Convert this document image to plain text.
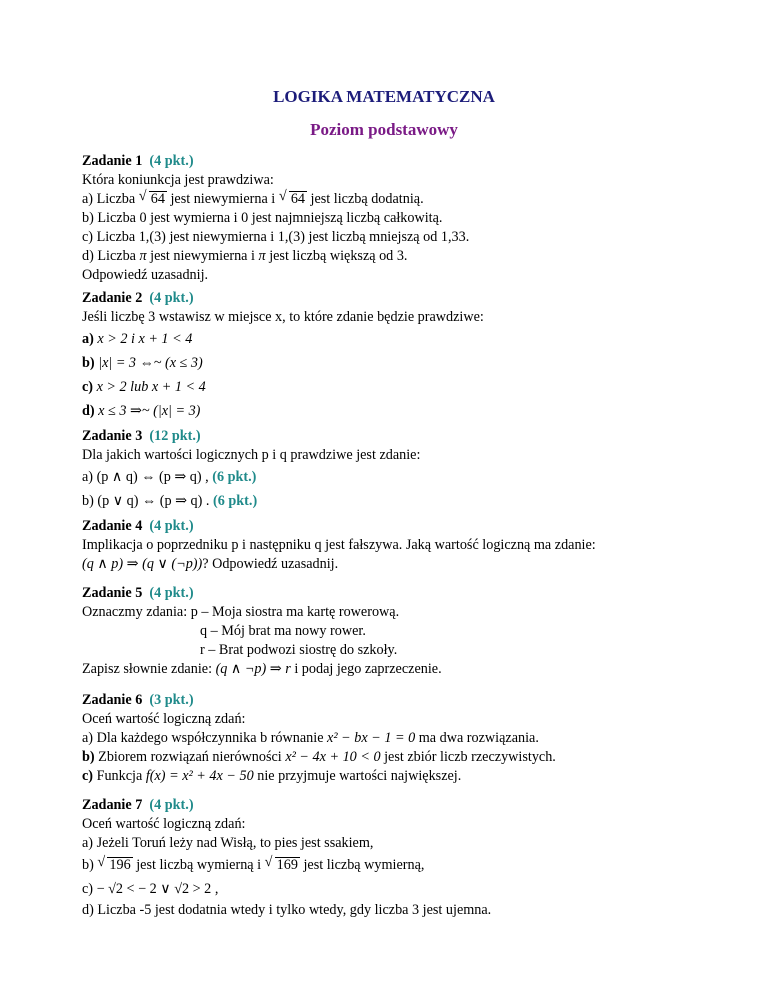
LOGIKA MATEMATYCZNA
Poziom podstawowy
Zadanie 1 (4 pkt.)
Która koniunkcja jest prawdziwa:
a) Liczba √ 64 jest niewymierna i √ 64 jest liczbą dodatnią.
b) Liczba 0 jest wymierna i 0 jest najmniejszą liczbą całkowitą.
c) Liczba 1,(3) jest niewymierna i 1,(3) jest liczbą mniejszą od 1,33.
d) Liczba π jest niewymierna i π jest liczbą większą od 3.
Odpowiedź uzasadnij.
Zadanie 2 (4 pkt.)
Jeśli liczbę 3 wstawisz w miejsce x, to które zdanie będzie prawdziwe:
a) x > 2 i x + 1 < 4
b) |x| = 3 ⇔~ (x ≤ 3)
c) x > 2 lub x + 1 < 4
d) x ≤ 3 ⇒~ (|x| = 3)
Zadanie 3 (12 pkt.)
Dla jakich wartości logicznych p i q prawdziwe jest zdanie:
a) (p ∧ q) ⇔ (p ⇒ q) , (6 pkt.)
b) (p ∨ q) ⇔ (p ⇒ q) . (6 pkt.)
Zadanie 4 (4 pkt.)
Implikacja o poprzedniku p i następniku q jest fałszywa. Jaką wartość logiczną ma zdanie:
(q ∧ p) ⇒ (q ∨ (¬p))? Odpowiedź uzasadnij.
Zadanie 5 (4 pkt.)
Oznaczmy zdania: p – Moja siostra ma kartę rowerową.
q – Mój brat ma nowy rower.
r – Brat podwozi siostrę do szkoły.
Zapisz słownie zdanie: (q ∧ ¬p) ⇒ r i podaj jego zaprzeczenie.
Zadanie 6 (3 pkt.)
Oceń wartość logiczną zdań:
a) Dla każdego współczynnika b równanie x² − bx − 1 = 0 ma dwa rozwiązania.
b) Zbiorem rozwiązań nierówności x² − 4x + 10 < 0 jest zbiór liczb rzeczywistych.
c) Funkcja f(x) = x² + 4x − 50 nie przyjmuje wartości największej.
Zadanie 7 (4 pkt.)
Oceń wartość logiczną zdań:
a) Jeżeli Toruń leży nad Wisłą, to pies jest ssakiem,
b) √ 196 jest liczbą wymierną i √ 169 jest liczbą wymierną,
c) − √2 < − 2 ∨ √2 > 2 ,
d) Liczba -5 jest dodatnia wtedy i tylko wtedy, gdy liczba 3 jest ujemna.
